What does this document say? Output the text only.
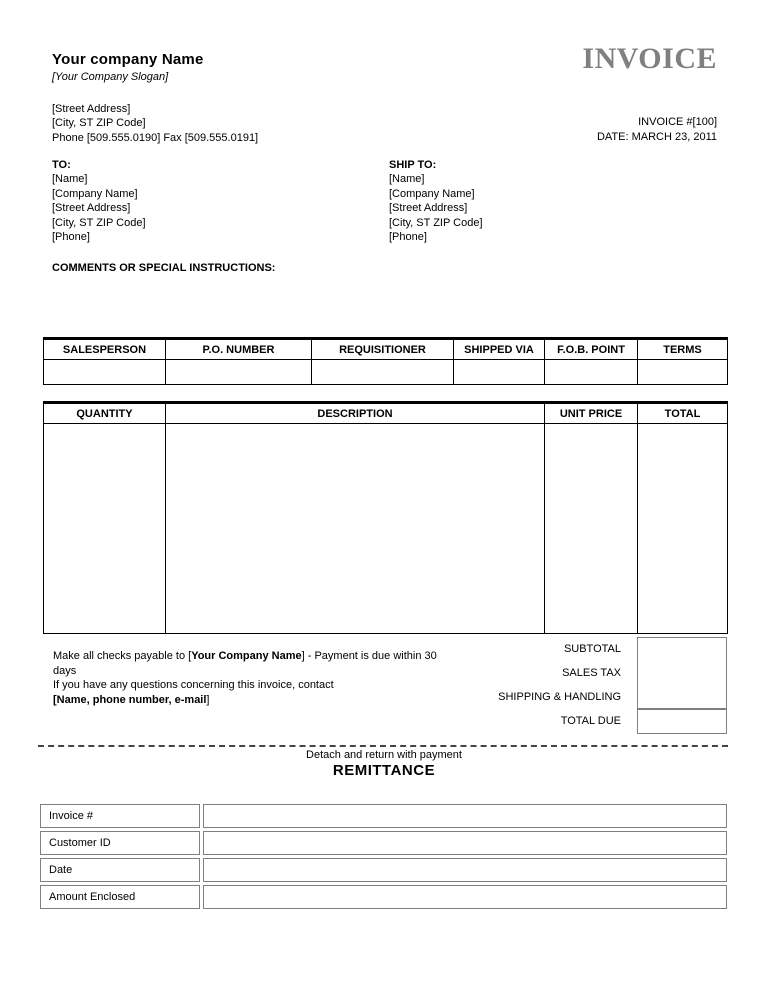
Your company Name
[Your Company Slogan]
[Street Address]
[City, ST ZIP Code]
Phone [509.555.0190] Fax [509.555.0191]
INVOICE
INVOICE #[100]
DATE: MARCH 23, 2011
TO:
[Name]
[Company Name]
[Street Address]
[City, ST ZIP Code]
[Phone]
SHIP TO:
[Name]
[Company Name]
[Street Address]
[City, ST ZIP Code]
[Phone]
COMMENTS OR SPECIAL INSTRUCTIONS:
SALESPERSON	P.O. NUMBER	REQUISITIONER	SHIPPED VIA	F.O.B. POINT	TERMS

QUANTITY	DESCRIPTION	UNIT PRICE	TOTAL

Make all checks payable to [Your Company Name] - Payment is due within 30 days
If you have any questions concerning this invoice, contact
[Name, phone number, e-mail]
SUBTOTAL
SALES TAX
SHIPPING & HANDLING
TOTAL DUE
Detach and return with payment
REMITTANCE
Invoice #
Customer ID
Date
Amount Enclosed
